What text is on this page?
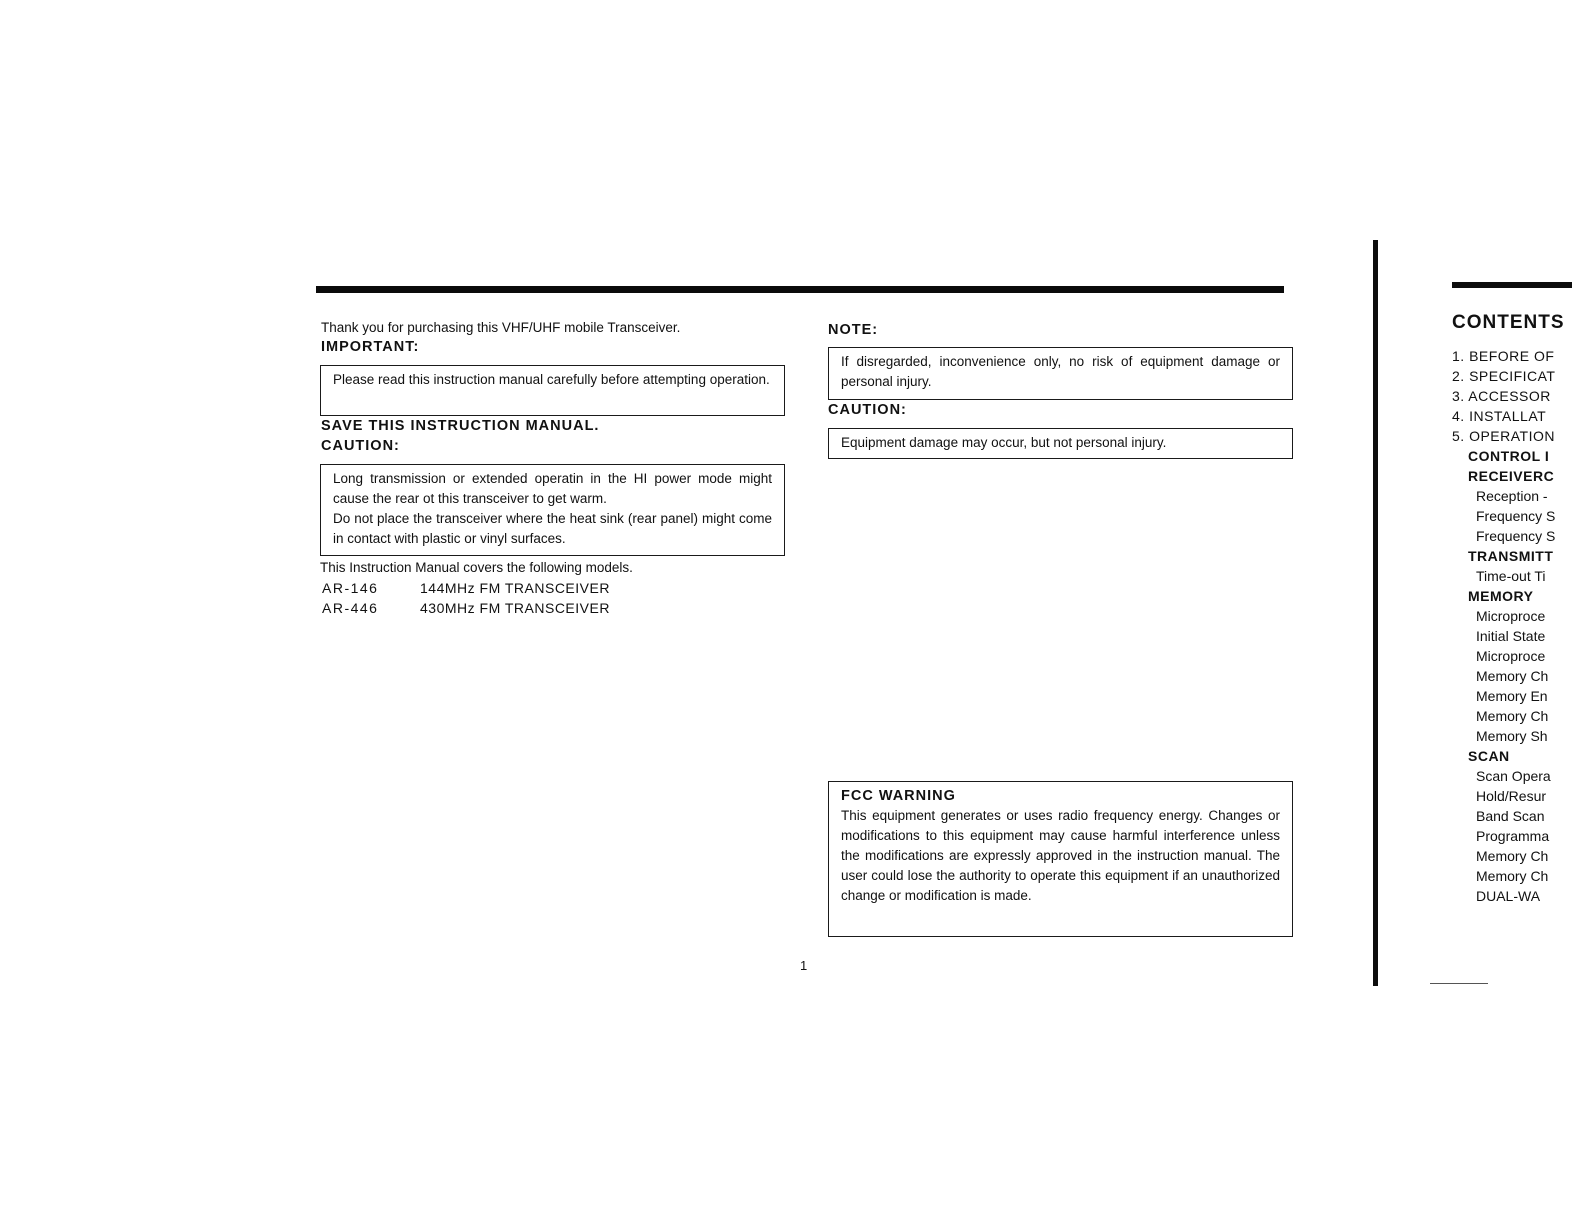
Thank you for purchasing this VHF/UHF mobile Transceiver.
IMPORTANT:

Please read this instruction manual carefully before attempting operation.

SAVE THIS INSTRUCTION MANUAL.
CAUTION:

Long transmission or extended operatin in the HI power mode might cause the rear ot this transceiver to get warm.

Do not place the transceiver where the heat sink (rear panel) might come in contact with plastic or vinyl surfaces.

This Instruction Manual covers the following models.
AR-146	144MHz FM TRANSCEIVER
AR-446	430MHz FM TRANSCEIVER
NOTE:

If disregarded, inconvenience only, no risk of equipment damage or personal injury.

CAUTION:

Equipment damage may occur, but not personal injury.

FCC WARNING

This equipment generates or uses radio frequency energy. Changes or modifications to this equipment may cause harmful interference unless the modifications are expressly approved in the instruction manual. The user could lose the authority to operate this equipment if an unauthorized change or modification is made.

1
CONTENTS
1. BEFORE OF
2. SPECIFICAT
3. ACCESSOR
4. INSTALLAT
5. OPERATION
CONTROL I
RECEIVERC
Reception -
Frequency S
Frequency S
TRANSMITT
Time-out Ti
MEMORY
Microproce
Initial State
Microproce
Memory Ch
Memory En
Memory Ch
Memory Sh
SCAN
Scan Opera
Hold/Resur
Band Scan
Programma
Memory Ch
Memory Ch
DUAL-WA
